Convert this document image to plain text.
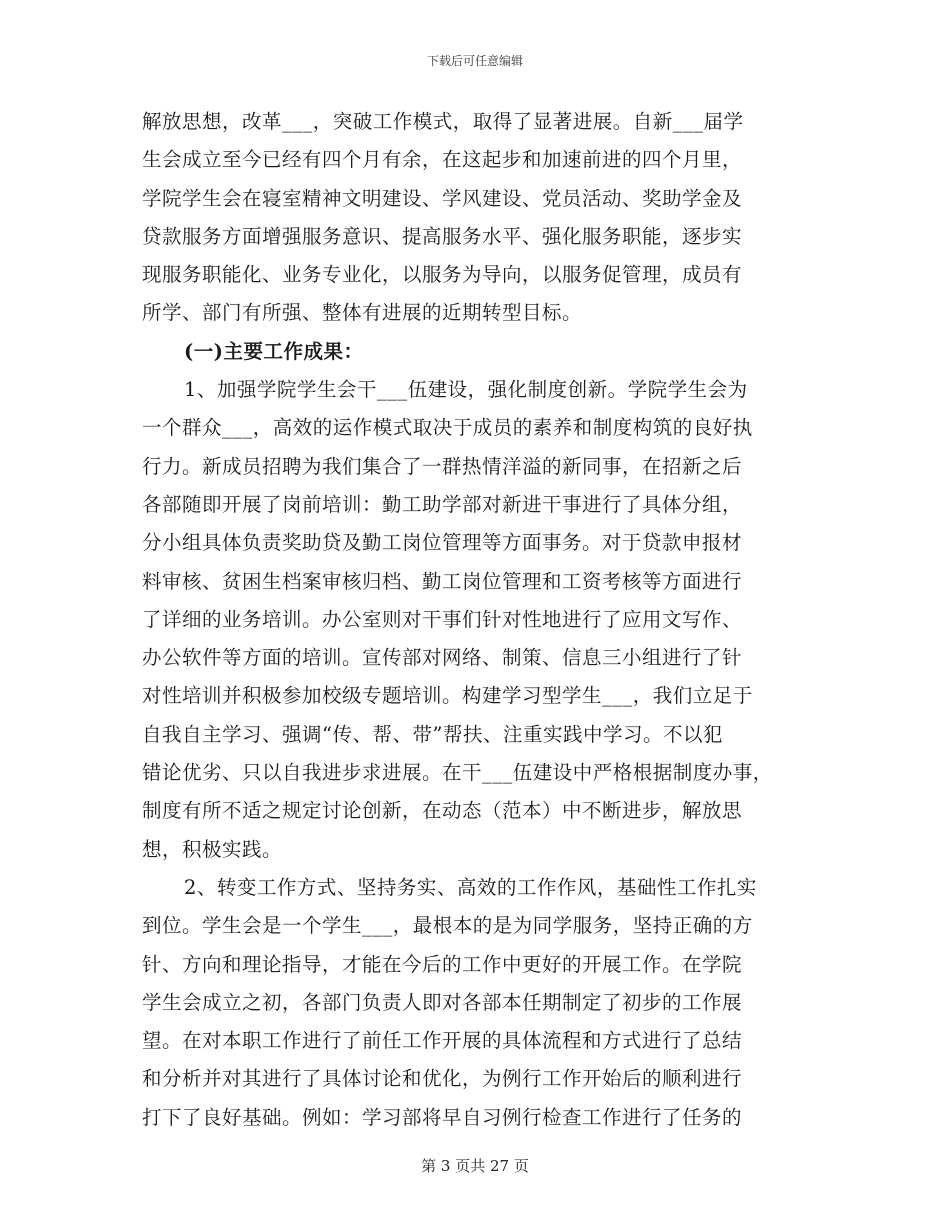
下载后可任意编辑
解放思想，改革___，突破工作模式，取得了显著进展。自新___届学
生会成立至今已经有四个月有余，在这起步和加速前进的四个月里，
学院学生会在寝室精神文明建设、学风建设、党员活动、奖助学金及
贷款服务方面增强服务意识、提高服务水平、强化服务职能，逐步实
现服务职能化、业务专业化，以服务为导向，以服务促管理，成员有
所学、部门有所强、整体有进展的近期转型目标。
(一)主要工作成果：
1、加强学院学生会干___伍建设，强化制度创新。学院学生会为
一个群众___，高效的运作模式取决于成员的素养和制度构筑的良好执
行力。新成员招聘为我们集合了一群热情洋溢的新同事，在招新之后
各部随即开展了岗前培训：勤工助学部对新进干事进行了具体分组，
分小组具体负责奖助贷及勤工岗位管理等方面事务。对于贷款申报材
料审核、贫困生档案审核归档、勤工岗位管理和工资考核等方面进行
了详细的业务培训。办公室则对干事们针对性地进行了应用文写作、
办公软件等方面的培训。宣传部对网络、制策、信息三小组进行了针
对性培训并积极参加校级专题培训。构建学习型学生___，我们立足于
自我自主学习、强调“传、帮、带”帮扶、注重实践中学习。不以犯
错论优劣、只以自我进步求进展。在干___伍建设中严格根据制度办事，
制度有所不适之规定讨论创新，在动态（范本）中不断进步，解放思
想，积极实践。
2、转变工作方式、坚持务实、高效的工作作风，基础性工作扎实
到位。学生会是一个学生___，最根本的是为同学服务，坚持正确的方
针、方向和理论指导，才能在今后的工作中更好的开展工作。在学院
学生会成立之初，各部门负责人即对各部本任期制定了初步的工作展
望。在对本职工作进行了前任工作开展的具体流程和方式进行了总结
和分析并对其进行了具体讨论和优化，为例行工作开始后的顺利进行
打下了良好基础。例如：学习部将早自习例行检查工作进行了任务的
第 3 页共 27 页
